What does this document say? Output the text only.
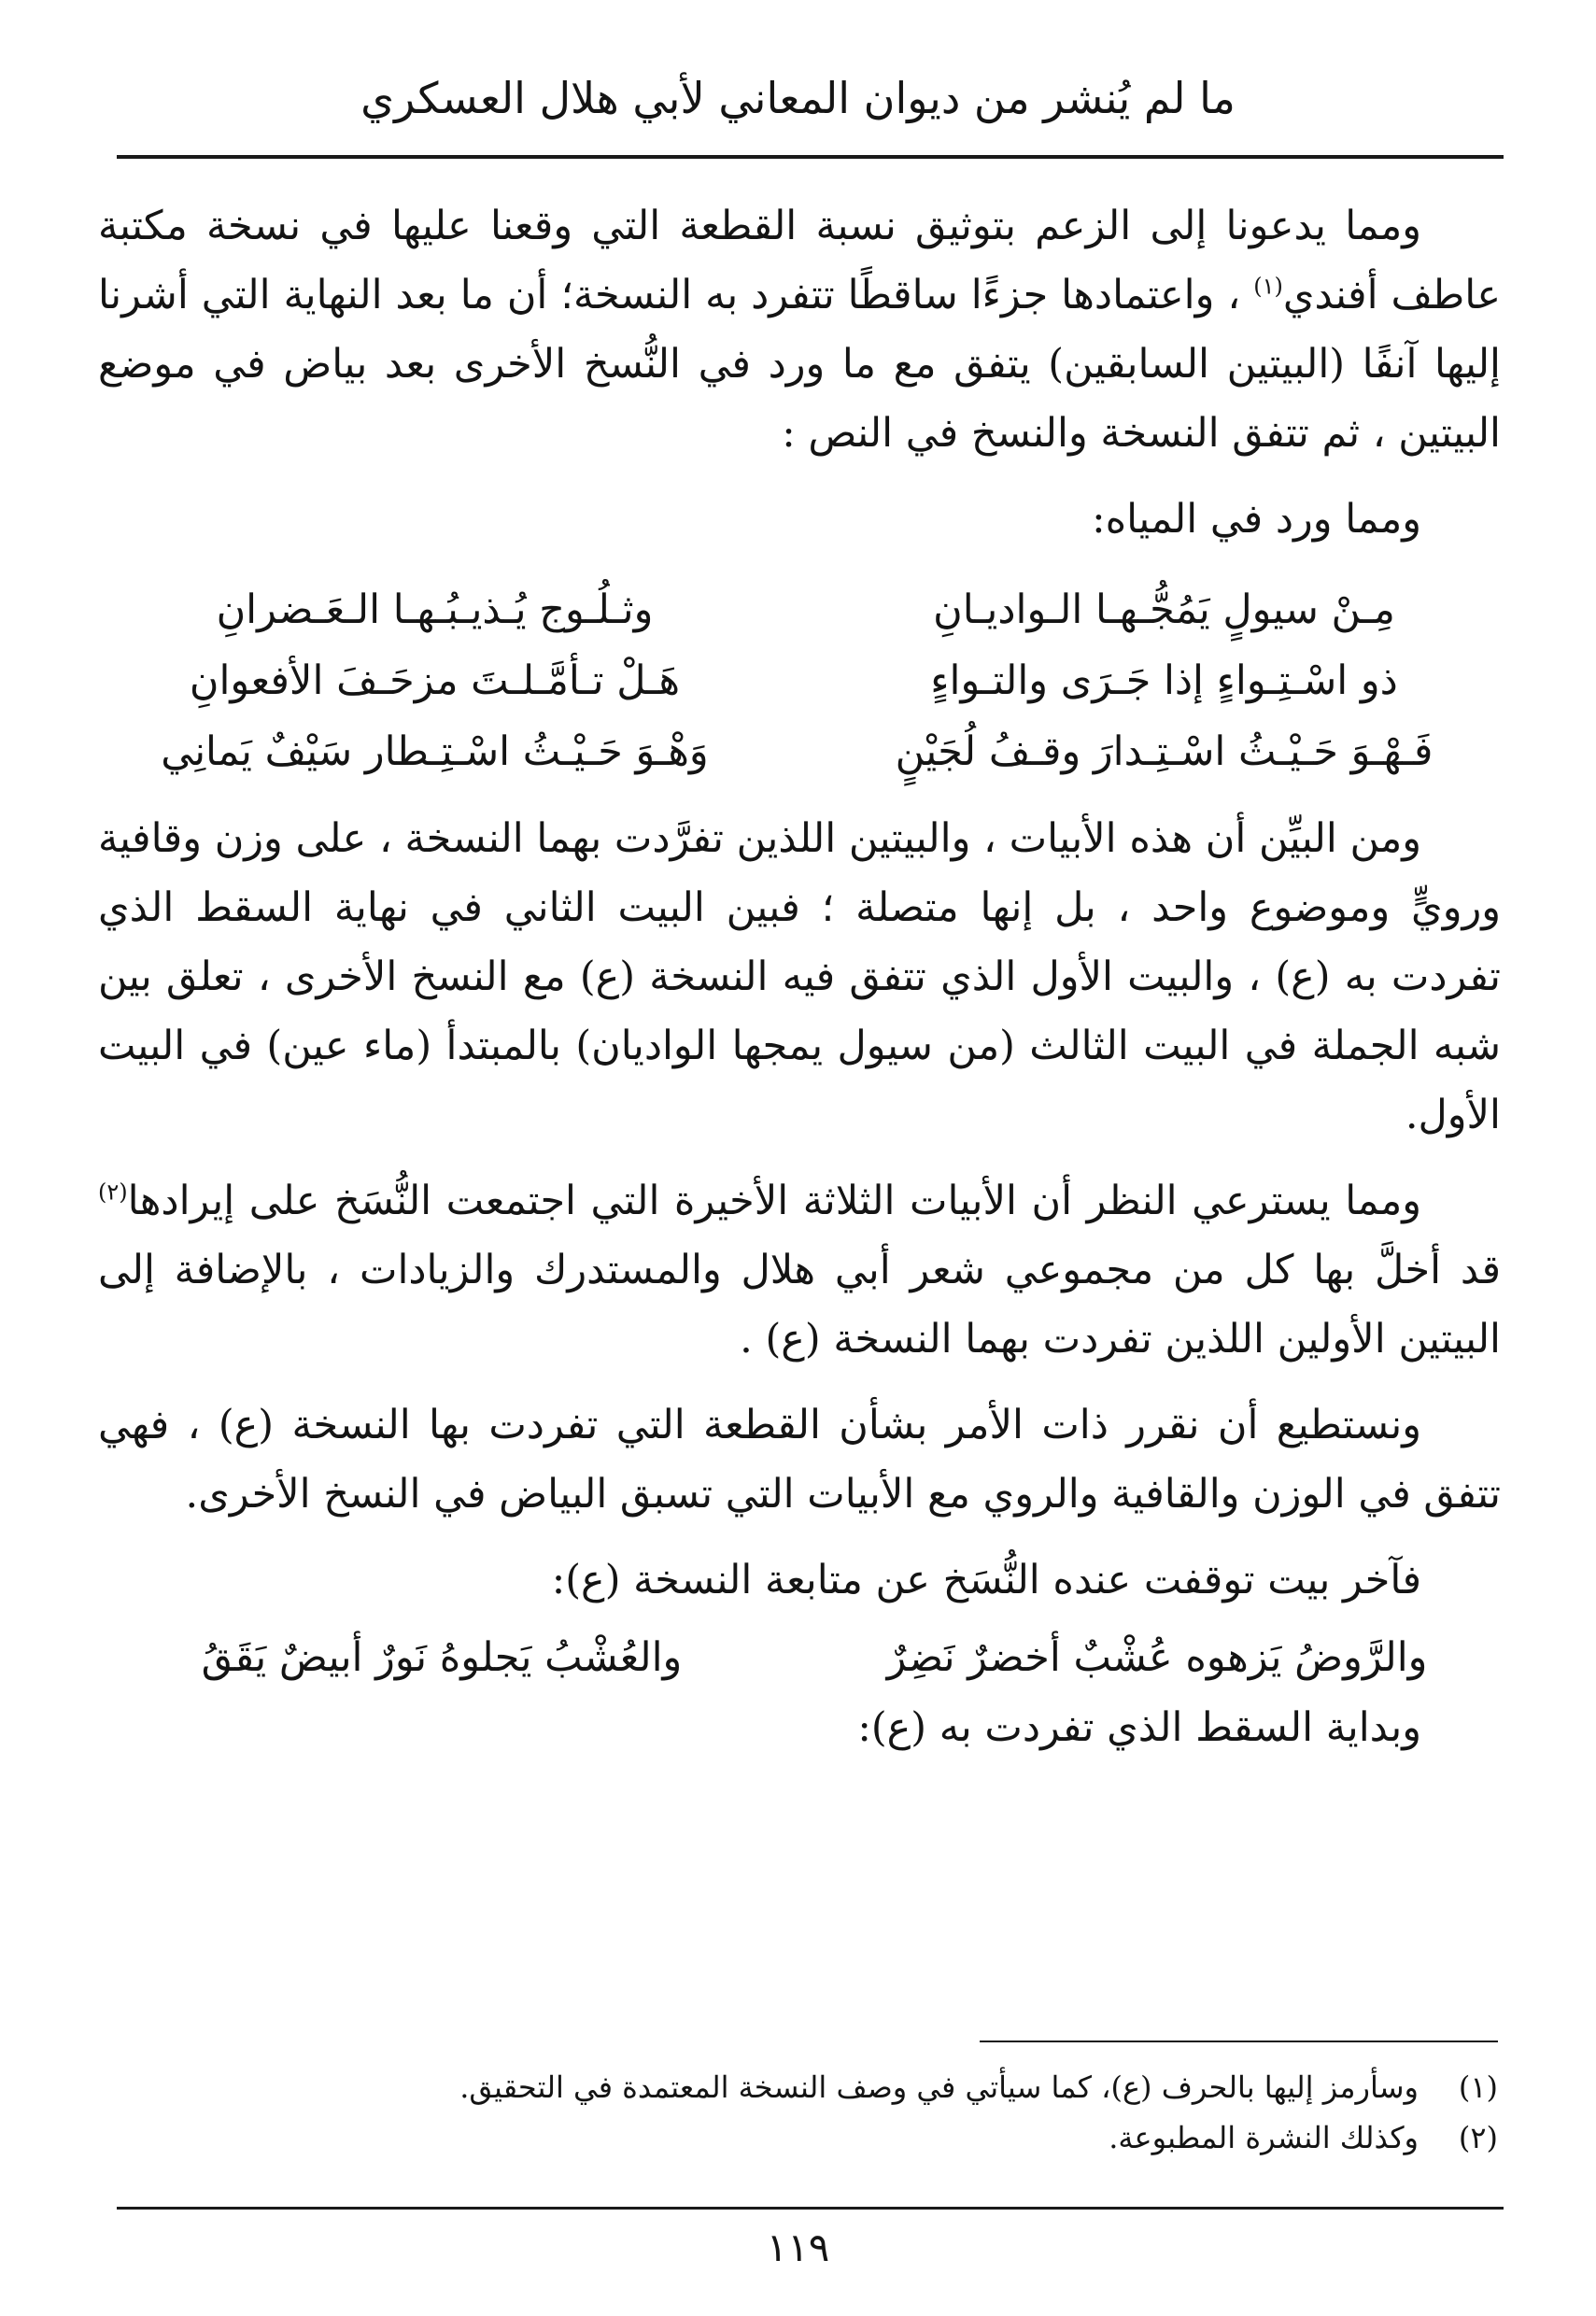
ما لم يُنشر من ديوان المعاني لأبي هلال العسكري

ومما يدعونا إلى الزعم بتوثيق نسبة القطعة التي وقعنا عليها في نسخة مكتبة عاطف أفندي$^{(١)}$ ، واعتمادها جزءًا ساقطًا تتفرد به النسخة؛ أن ما بعد النهاية التي أشرنا إليها آنفًا (البيتين السابقين) يتفق مع ما ورد في النُّسخ الأخرى بعد بياض في موضع البيتين ، ثم تتفق النسخة والنسخ في النص :

ومما ورد في المياه:

مِـنْ سيولٍ يَمُجُّـهـا الـواديـانِ
وثـلُـوج يُـذيـبُـهـا الـعَـضرانِ
ذو اسْـتِـواءٍ إذا جَـرَى والتـواءٍ
هَـلْ تـأمَّـلـتَ مزحَـفَ الأفعوانِ
فَـهْـوَ حَـيْـثُ اسْـتِـدارَ وقـفُ لُجَيْنٍ
وَهْـوَ حَـيْـثُ اسْـتِـطار سَيْفٌ يَمانِي

ومن البيِّن أن هذه الأبيات ، والبيتين اللذين تفرَّدت بهما النسخة ، على وزن وقافية ورويٍّ وموضوع واحد ، بل إنها متصلة ؛ فبين البيت الثاني في نهاية السقط الذي تفردت به (ع) ، والبيت الأول الذي تتفق فيه النسخة (ع) مع النسخ الأخرى ، تعلق بين شبه الجملة في البيت الثالث (من سيول يمجها الواديان) بالمبتدأ (ماء عين) في البيت الأول.

ومما يسترعي النظر أن الأبيات الثلاثة الأخيرة التي اجتمعت النُّسَخ على إيرادها$^{(٢)}$ قد أخلَّ بها كل من مجموعي شعر أبي هلال والمستدرك والزيادات ، بالإضافة إلى البيتين الأولين اللذين تفردت بهما النسخة (ع) .

ونستطيع أن نقرر ذات الأمر بشأن القطعة التي تفردت بها النسخة (ع) ، فهي تتفق في الوزن والقافية والروي مع الأبيات التي تسبق البياض في النسخ الأخرى.

فآخر بيت توقفت عنده النُّسَخ عن متابعة النسخة (ع):

والرَّوضُ يَزهوه عُشْبٌ أخضرٌ نَضِرٌ
والعُشْبُ يَجلوهُ نَورٌ أبيضٌ يَقَقُ

وبداية السقط الذي تفردت به (ع):

(١)وسأرمز إليها بالحرف (ع)، كما سيأتي في وصف النسخة المعتمدة في التحقيق.
(٢)وكذلك النشرة المطبوعة.
١١٩
